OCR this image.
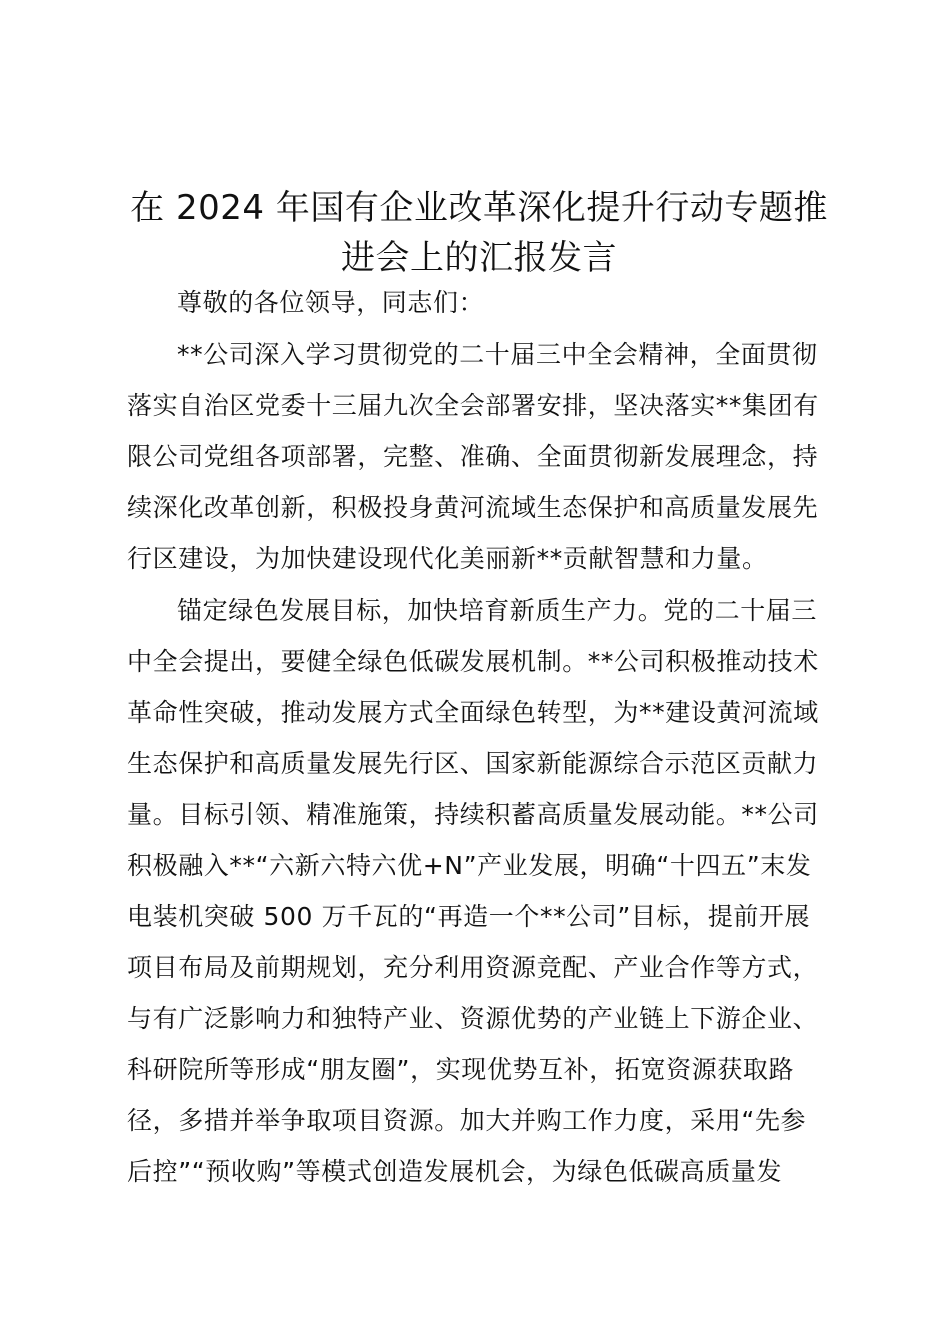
在 2024 年国有企业改革深化提升行动专题推
进会上的汇报发言
尊敬的各位领导，同志们：
**公司深入学习贯彻党的二十届三中全会精神，全面贯彻
落实自治区党委十三届九次全会部署安排，坚决落实**集团有
限公司党组各项部署，完整、准确、全面贯彻新发展理念，持
续深化改革创新，积极投身黄河流域生态保护和高质量发展先
行区建设，为加快建设现代化美丽新**贡献智慧和力量。
锚定绿色发展目标，加快培育新质生产力。党的二十届三
中全会提出，要健全绿色低碳发展机制。**公司积极推动技术
革命性突破，推动发展方式全面绿色转型，为**建设黄河流域
生态保护和高质量发展先行区、国家新能源综合示范区贡献力
量。目标引领、精准施策，持续积蓄高质量发展动能。**公司
积极融入**“六新六特六优+N”产业发展，明确“十四五”末发
电装机突破 500 万千瓦的“再造一个**公司”目标，提前开展
项目布局及前期规划，充分利用资源竞配、产业合作等方式，
与有广泛影响力和独特产业、资源优势的产业链上下游企业、
科研院所等形成“朋友圈”，实现优势互补，拓宽资源获取路
径，多措并举争取项目资源。加大并购工作力度，采用“先参
后控”“预收购”等模式创造发展机会，为绿色低碳高质量发
